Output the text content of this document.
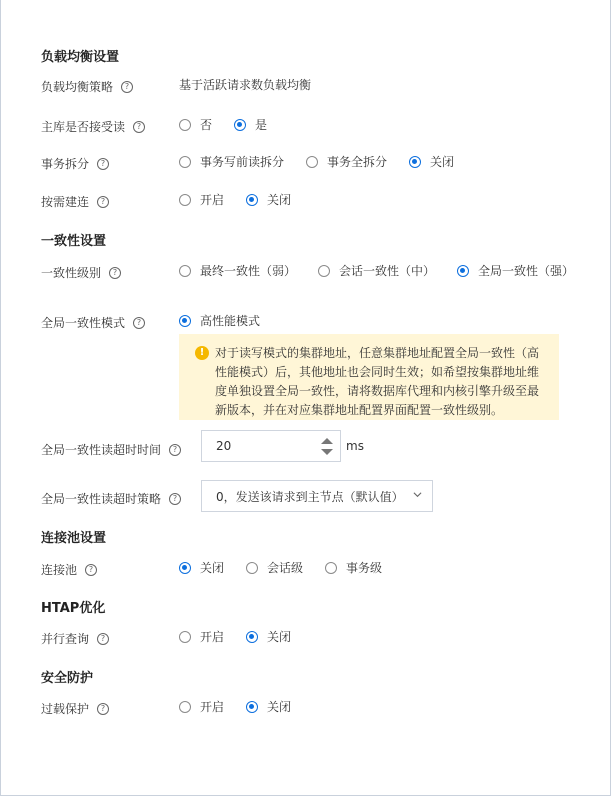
负载均衡设置
负载均衡策略	?	基于活跃请求数负载均衡
主库是否接受读	?	否	是
事务拆分	?	事务写前读拆分	事务全拆分	关闭
按需建连	?	开启	关闭
一致性设置
一致性级别	?	最终一致性（弱）	会话一致性（中）	全局一致性（强）
全局一致性模式	?	高性能模式
! 对于读写模式的集群地址，任意集群地址配置全局一致性（高性能模式）后，其他地址也会同时生效；如希望按集群地址维度单独设置全局一致性，请将数据库代理和内核引擎升级至最新版本，并在对应集群地址配置界面配置一致性级别。
全局一致性读超时时间	?	20	ms
全局一致性读超时策略	?	0，发送该请求到主节点（默认值）
连接池设置
连接池	?	关闭	会话级	事务级
HTAP优化
并行查询	?	开启	关闭
安全防护
过载保护	?	开启	关闭
